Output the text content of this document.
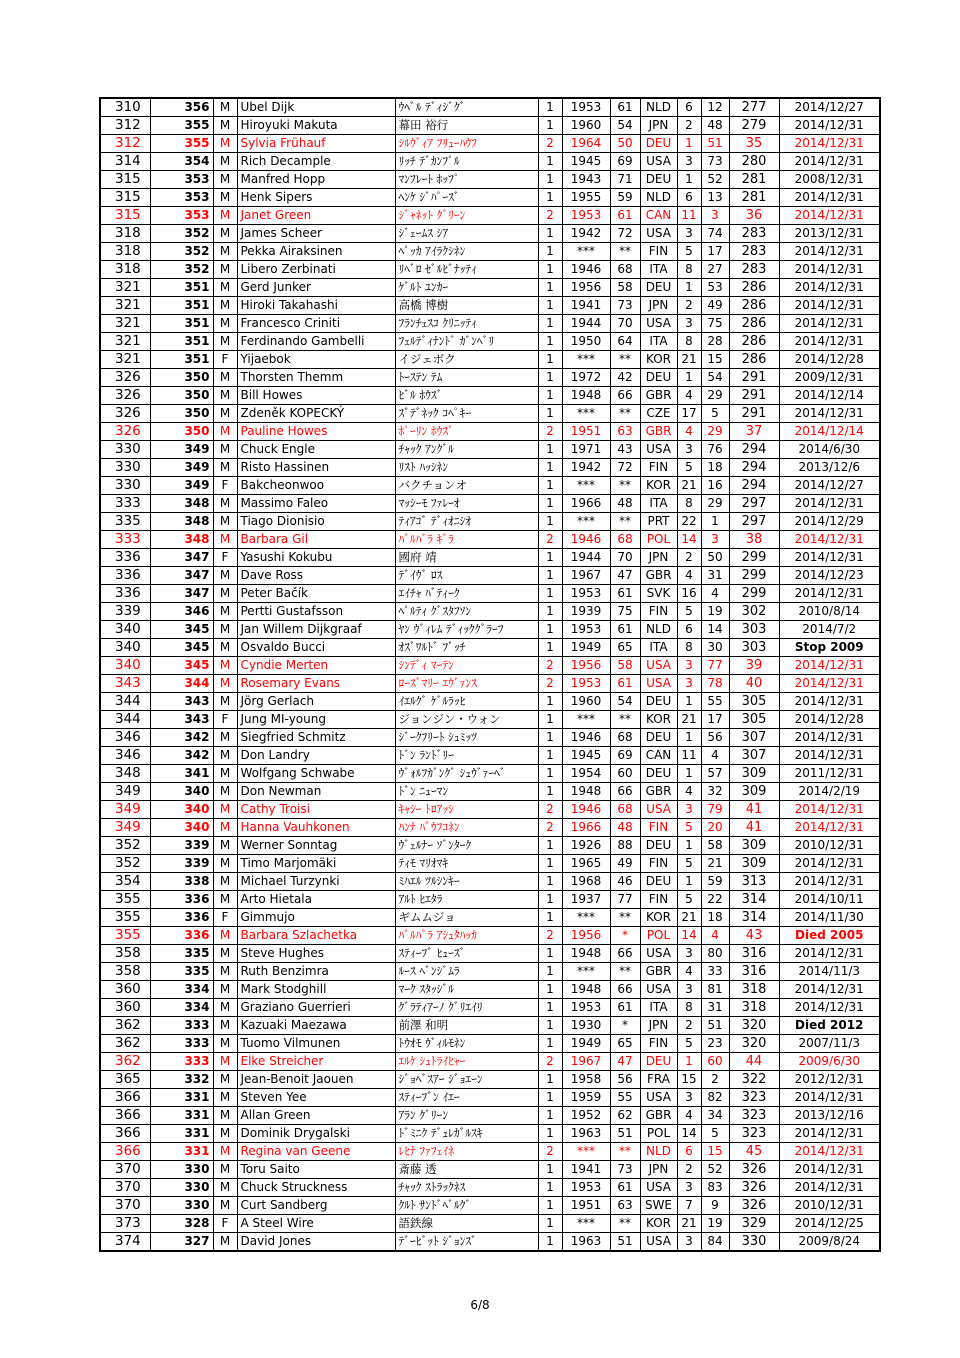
310	356	M	Ubel Dijk	ｳﾍﾞﾙ ﾃﾞｨｼﾞｸﾞ	1	1953	61	NLD	6	12	277	2014/12/27
312	355	M	Hiroyuki Makuta	幕田 裕行	1	1960	54	JPN	2	48	279	2014/12/31
312	355	M	Sylvia Frühauf	ｼﾙｳﾞｨｱ ﾌﾘｭｰﾊｳﾌ	2	1964	50	DEU	1	51	35	2014/12/31
314	354	M	Rich Decample	ﾘｯﾁ ﾃﾞｶﾝﾌﾟﾙ	1	1945	69	USA	3	73	280	2014/12/31
315	353	M	Manfred Hopp	ﾏﾝﾌﾚｰﾄ ﾎｯﾌﾟ	1	1943	71	DEU	1	52	281	2008/12/31
315	353	M	Henk Sipers	ﾍﾝｹ ｼﾞﾊﾟｰｽﾞ	1	1955	59	NLD	6	13	281	2014/12/31
315	353	M	Janet Green	ｼﾞｬﾈｯﾄ ｸﾞﾘｰﾝ	2	1953	61	CAN	11	3	36	2014/12/31
318	352	M	James Scheer	ｼﾞｪｰﾑｽ ｼｱ	1	1942	72	USA	3	74	283	2013/12/31
318	352	M	Pekka Airaksinen	ﾍﾟｯｶ ｱｲﾗｸｼﾈﾝ	1	***	**	FIN	5	17	283	2014/12/31
318	352	M	Libero Zerbinati	ﾘﾍﾞﾛ ｾﾞﾙﾋﾞﾅｯﾃｨ	1	1946	68	ITA	8	27	283	2014/12/31
321	351	M	Gerd Junker	ｹﾞﾙﾄ ﾕﾝｶｰ	1	1956	58	DEU	1	53	286	2014/12/31
321	351	M	Hiroki Takahashi	高橋 博樹	1	1941	73	JPN	2	49	286	2014/12/31
321	351	M	Francesco Criniti	ﾌﾗﾝﾁｪｽｺ ｸﾘﾆｯﾃｨ	1	1944	70	USA	3	75	286	2014/12/31
321	351	M	Ferdinando Gambelli	ﾌｪﾙﾃﾞｨﾅﾝﾄﾞ ｶﾞﾝﾍﾞﾘ	1	1950	64	ITA	8	28	286	2014/12/31
321	351	F	Yijaebok	イジェボク	1	***	**	KOR	21	15	286	2014/12/28
326	350	M	Thorsten Themm	ﾄｰｽﾃﾝ ﾃﾑ	1	1972	42	DEU	1	54	291	2009/12/31
326	350	M	Bill Howes	ﾋﾞﾙ ﾎｳｽﾞ	1	1948	66	GBR	4	29	291	2014/12/14
326	350	M	Zdeněk KOPECKÝ	ｽﾞﾃﾞﾈｯｸ ｺﾍﾟｷｰ	1	***	**	CZE	17	5	291	2014/12/31
326	350	M	Pauline Howes	ﾎﾟｰﾘﾝ ﾎｳｽﾞ	2	1951	63	GBR	4	29	37	2014/12/14
330	349	M	Chuck Engle	ﾁｬｯｸ ｱﾝｸﾞﾙ	1	1971	43	USA	3	76	294	2014/6/30
330	349	M	Risto Hassinen	ﾘｽﾄ ﾊｯｼﾈﾝ	1	1942	72	FIN	5	18	294	2013/12/6
330	349	F	Bakcheonwoo	バクチョンオ	1	***	**	KOR	21	16	294	2014/12/27
333	348	M	Massimo Faleo	ﾏｯｼｰﾓ ﾌｧﾚｰｵ	1	1966	48	ITA	8	29	297	2014/12/31
335	348	M	Tiago Dionisio	ﾃｨｱｺﾞ ﾃﾞｨｵﾆｼｵ	1	***	**	PRT	22	1	297	2014/12/29
333	348	M	Barbara Gil	ﾊﾞﾙﾊﾞﾗ ｷﾞﾗ	2	1946	68	POL	14	3	38	2014/12/31
336	347	F	Yasushi Kokubu	國府 靖	1	1944	70	JPN	2	50	299	2014/12/31
336	347	M	Dave Ross	ﾃﾞｲｳﾞ ﾛｽ	1	1967	47	GBR	4	31	299	2014/12/23
336	347	M	Peter Bačík	ｴｲﾁｬ ﾊﾞﾃｨｰｸ	1	1953	61	SVK	16	4	299	2014/12/31
339	346	M	Pertti Gustafsson	ﾍﾟﾙﾃｨ ｸﾞｽﾀﾌｿﾝ	1	1939	75	FIN	5	19	302	2010/8/14
340	345	M	Jan Willem Dijkgraaf	ﾔﾝ ｳﾞｨﾚﾑ ﾃﾞｨｯｸｸﾞﾗｰﾌ	1	1953	61	NLD	6	14	303	2014/7/2
340	345	M	Osvaldo Bucci	ｵｽﾞﾜﾙﾄﾞ ﾌﾞｯﾁ	1	1949	65	ITA	8	30	303	Stop 2009
340	345	M	Cyndie Merten	ｼﾝﾃﾞｨ ﾏｰﾃﾝ	2	1956	58	USA	3	77	39	2014/12/31
343	344	M	Rosemary Evans	ﾛｰｽﾞﾏﾘｰ ｴｳﾞｧﾝｽ	2	1953	61	USA	3	78	40	2014/12/31
344	343	M	Jörg Gerlach	ｲｴﾙｸﾞ ｹﾞﾙﾗｯﾋ	1	1960	54	DEU	1	55	305	2014/12/31
344	343	F	Jung MI-young	ジョンジン・ウォン	1	***	**	KOR	21	17	305	2014/12/28
346	342	M	Siegfried Schmitz	ｼﾞｰｸﾌﾘｰﾄ ｼｭﾐｯﾂ	1	1946	68	DEU	1	56	307	2014/12/31
346	342	M	Don Landry	ﾄﾞﾝ ﾗﾝﾄﾞﾘｰ	1	1945	69	CAN	11	4	307	2014/12/31
348	341	M	Wolfgang Schwabe	ｳﾞｫﾙﾌｶﾞﾝｸﾞ ｼｭｳﾞｧｰﾍﾞ	1	1954	60	DEU	1	57	309	2011/12/31
349	340	M	Don Newman	ﾄﾞﾝ ﾆｭｰﾏﾝ	1	1948	66	GBR	4	32	309	2014/2/19
349	340	M	Cathy Troisi	ｷｬｼｰ ﾄﾛｱｯｼ	2	1946	68	USA	3	79	41	2014/12/31
349	340	M	Hanna Vauhkonen	ﾊﾝﾅ ﾊﾞｳﾌｺﾈﾝ	2	1966	48	FIN	5	20	41	2014/12/31
352	339	M	Werner Sonntag	ｳﾞｪﾙﾅｰ ｿﾞﾝﾀｰｸ	1	1926	88	DEU	1	58	309	2010/12/31
352	339	M	Timo Marjomäki	ﾃｨﾓ ﾏﾘｵﾏｷ	1	1965	49	FIN	5	21	309	2014/12/31
354	338	M	Michael Turzynki	ﾐﾊｴﾙ ﾂﾙｼﾝｷｰ	1	1968	46	DEU	1	59	313	2014/12/31
355	336	M	Arto Hietala	ｱﾙﾄ ﾋｴﾀﾗ	1	1937	77	FIN	5	22	314	2014/10/11
355	336	F	Gimmujo	ギムムジョ	1	***	**	KOR	21	18	314	2014/11/30
355	336	M	Barbara Szlachetka	ﾊﾞﾙﾊﾞﾗ ｱｼｭﾀﾊｯｶ	2	1956	*	POL	14	4	43	Died 2005
358	335	M	Steve Hughes	ｽﾃｨｰﾌﾞ ﾋｭｰｽﾞ	1	1948	66	USA	3	80	316	2014/12/31
358	335	M	Ruth Benzimra	ﾙｰｽ ﾍﾞﾝｼﾞﾑﾗ	1	***	**	GBR	4	33	316	2014/11/3
360	334	M	Mark Stodghill	ﾏｰｸ ｽﾀｯｼﾞﾙ	1	1948	66	USA	3	81	318	2014/12/31
360	334	M	Graziano Guerrieri	ｸﾞﾗﾃｨｱｰﾉ ｸﾞﾘｴｲﾘ	1	1953	61	ITA	8	31	318	2014/12/31
362	333	M	Kazuaki Maezawa	前澤 和明	1	1930	*	JPN	2	51	320	Died 2012
362	333	M	Tuomo Vilmunen	ﾄｳｵﾓ ｳﾞｨﾙﾓﾈﾝ	1	1949	65	FIN	5	23	320	2007/11/3
362	333	M	Elke Streicher	ｴﾙｹ ｼｭﾄﾗｲﾋｬｰ	2	1967	47	DEU	1	60	44	2009/6/30
365	332	M	Jean-Benoit Jaouen	ｼﾞｮﾍﾞｽｱｰ ｼﾞｮｴｰﾝ	1	1958	56	FRA	15	2	322	2012/12/31
366	331	M	Steven Yee	ｽﾃｨｰﾌﾞﾝ ｲｴｰ	1	1959	55	USA	3	82	323	2014/12/31
366	331	M	Allan Green	ｱﾗﾝ ｸﾞﾘｰﾝ	1	1952	62	GBR	4	34	323	2013/12/16
366	331	M	Dominik Drygalski	ﾄﾞﾐﾆｸ ﾃﾞｭﾚｶﾞﾙｽｷ	1	1963	51	POL	14	5	323	2014/12/31
366	331	M	Regina van Geene	ﾚﾋﾅ ﾌｧﾌｪｲﾈ	2	***	**	NLD	6	15	45	2014/12/31
370	330	M	Toru Saito	斎藤 透	1	1941	73	JPN	2	52	326	2014/12/31
370	330	M	Chuck Struckness	ﾁｬｯｸ ｽﾄﾗｯｸﾈｽ	1	1953	61	USA	3	83	326	2014/12/31
370	330	M	Curt Sandberg	ｸﾙﾄ ｻﾝﾄﾞﾍﾞﾙｸﾞ	1	1951	63	SWE	7	9	326	2010/12/31
373	328	F	A Steel Wire	語鉄線	1	***	**	KOR	21	19	329	2014/12/25
374	327	M	David Jones	ﾃﾞｰﾋﾞｯﾄ ｼﾞｮﾝｽﾞ	1	1963	51	USA	3	84	330	2009/8/24
6/8
